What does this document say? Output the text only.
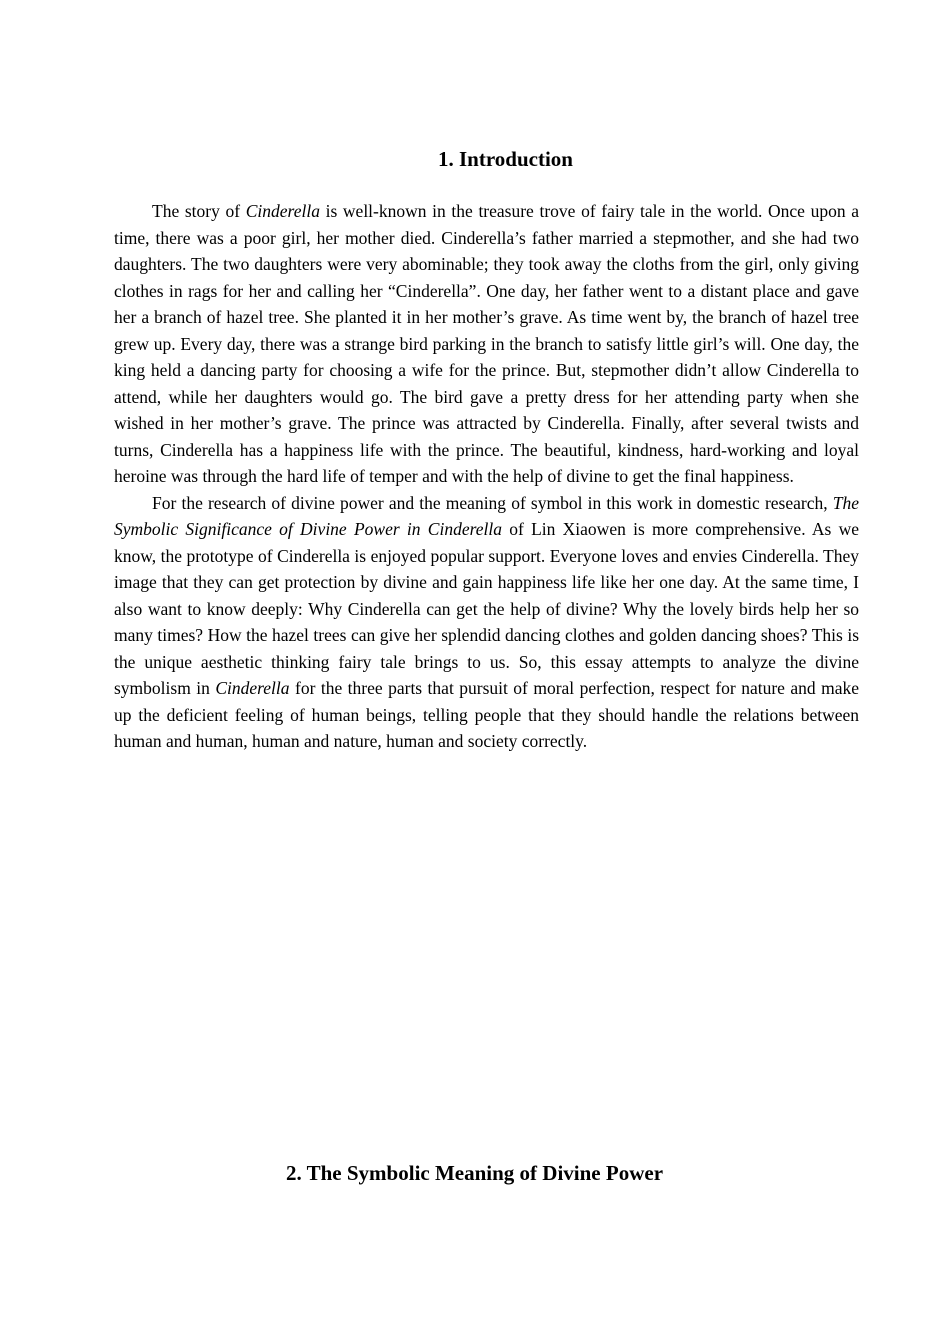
1. Introduction

The story of Cinderella is well-known in the treasure trove of fairy tale in the world. Once upon a time, there was a poor girl, her mother died. Cinderella’s father married a stepmother, and she had two daughters. The two daughters were very abominable; they took away the cloths from the girl, only giving clothes in rags for her and calling her “Cinderella”. One day, her father went to a distant place and gave her a branch of hazel tree. She planted it in her mother’s grave. As time went by, the branch of hazel tree grew up. Every day, there was a strange bird parking in the branch to satisfy little girl’s will. One day, the king held a dancing party for choosing a wife for the prince. But, stepmother didn’t allow Cinderella to attend, while her daughters would go. The bird gave a pretty dress for her attending party when she wished in her mother’s grave. The prince was attracted by Cinderella. Finally, after several twists and turns, Cinderella has a happiness life with the prince. The beautiful, kindness, hard-working and loyal heroine was through the hard life of temper and with the help of divine to get the final happiness.

For the research of divine power and the meaning of symbol in this work in domestic research, The Symbolic Significance of Divine Power in Cinderella of Lin Xiaowen is more comprehensive. As we know, the prototype of Cinderella is enjoyed popular support. Everyone loves and envies Cinderella. They image that they can get protection by divine and gain happiness life like her one day. At the same time, I also want to know deeply: Why Cinderella can get the help of divine? Why the lovely birds help her so many times? How the hazel trees can give her splendid dancing clothes and golden dancing shoes? This is the unique aesthetic thinking fairy tale brings to us. So, this essay attempts to analyze the divine symbolism in Cinderella for the three parts that pursuit of moral perfection, respect for nature and make up the deficient feeling of human beings, telling people that they should handle the relations between human and human, human and nature, human and society correctly.

2. The Symbolic Meaning of Divine Power
